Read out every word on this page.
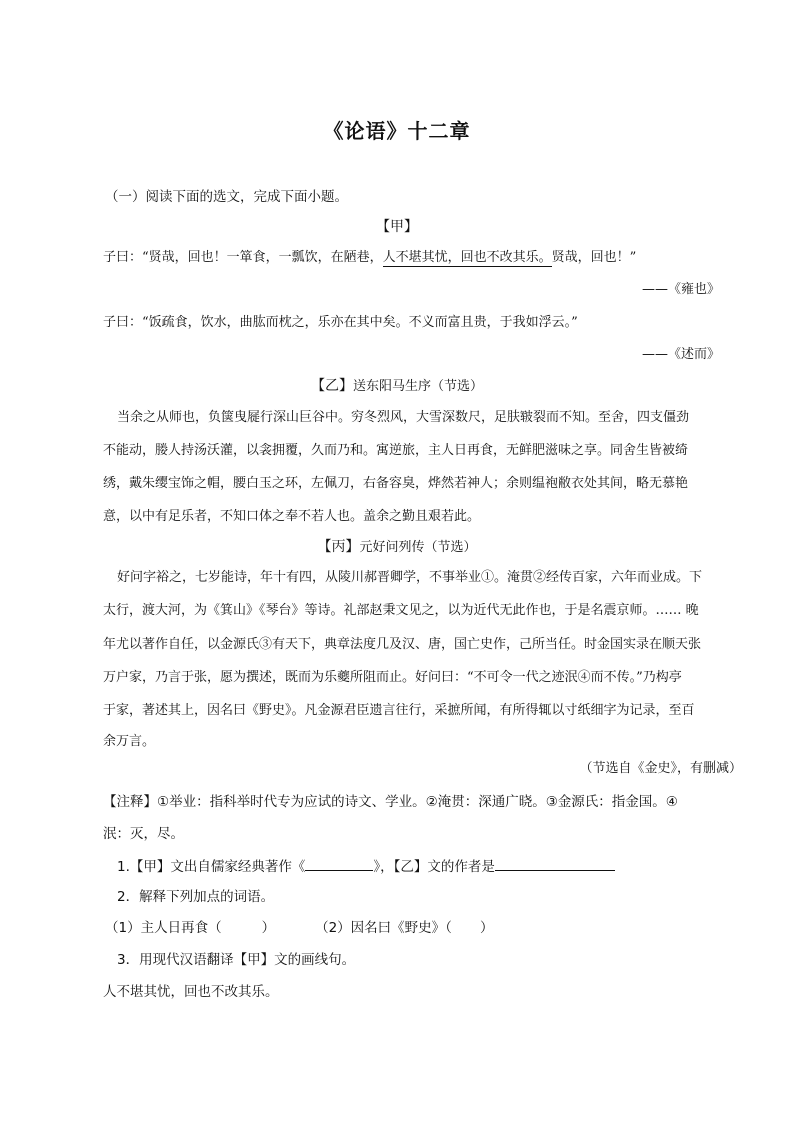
《论语》十二章
（一）阅读下面的选文，完成下面小题。
【甲】
子曰：“贤哉，回也！一箪食，一瓢饮，在陋巷，人不堪其忧，回也不改其乐。贤哉，回也！”
——《雍也》
子曰：“饭疏食，饮水，曲肱而枕之，乐亦在其中矣。不义而富且贵，于我如浮云。”
——《述而》
【乙】送东阳马生序（节选）
当余之从师也，负箧曳屣行深山巨谷中。穷冬烈风，大雪深数尺，足肤皲裂而不知。至舍，四支僵劲
不能动，媵人持汤沃灌，以衾拥覆，久而乃和。寓逆旅，主人日再食，无鲜肥滋味之享。同舍生皆被绮
绣，戴朱缨宝饰之帽，腰白玉之环，左佩刀，右备容臭，烨然若神人；余则缊袍敝衣处其间，略无慕艳
意，以中有足乐者，不知口体之奉不若人也。盖余之勤且艰若此。
【丙】元好问列传（节选）
好问字裕之，七岁能诗，年十有四，从陵川郝晋卿学，不事举业①。淹贯②经传百家，六年而业成。下
太行，渡大河，为《箕山》《琴台》等诗。礼部赵秉文见之，以为近代无此作也，于是名震京师。…… 晚
年尤以著作自任，以金源氏③有天下，典章法度几及汉、唐，国亡史作，己所当任。时金国实录在顺天张
万户家，乃言于张，愿为撰述，既而为乐夔所阻而止。好问曰：“不可令一代之迹泯④而不传。”乃构亭
于家，著述其上，因名曰《野史》。凡金源君臣遗言往行，采摭所闻，有所得辄以寸纸细字为记录，至百
余万言。
（节选自《金史》，有删减）
【注释】①举业：指科举时代专为应试的诗文、学业。②淹贯：深通广晓。③金源氏：指金国。④
泯：灭，尽。
1.【甲】文出自儒家经典著作《	》，【乙】文的作者是
2．解释下列加点的词语。
（1）主人日再食（	）	（2）因名曰《野史》（ ）
3．用现代汉语翻译【甲】文的画线句。
人不堪其忧，回也不改其乐。
